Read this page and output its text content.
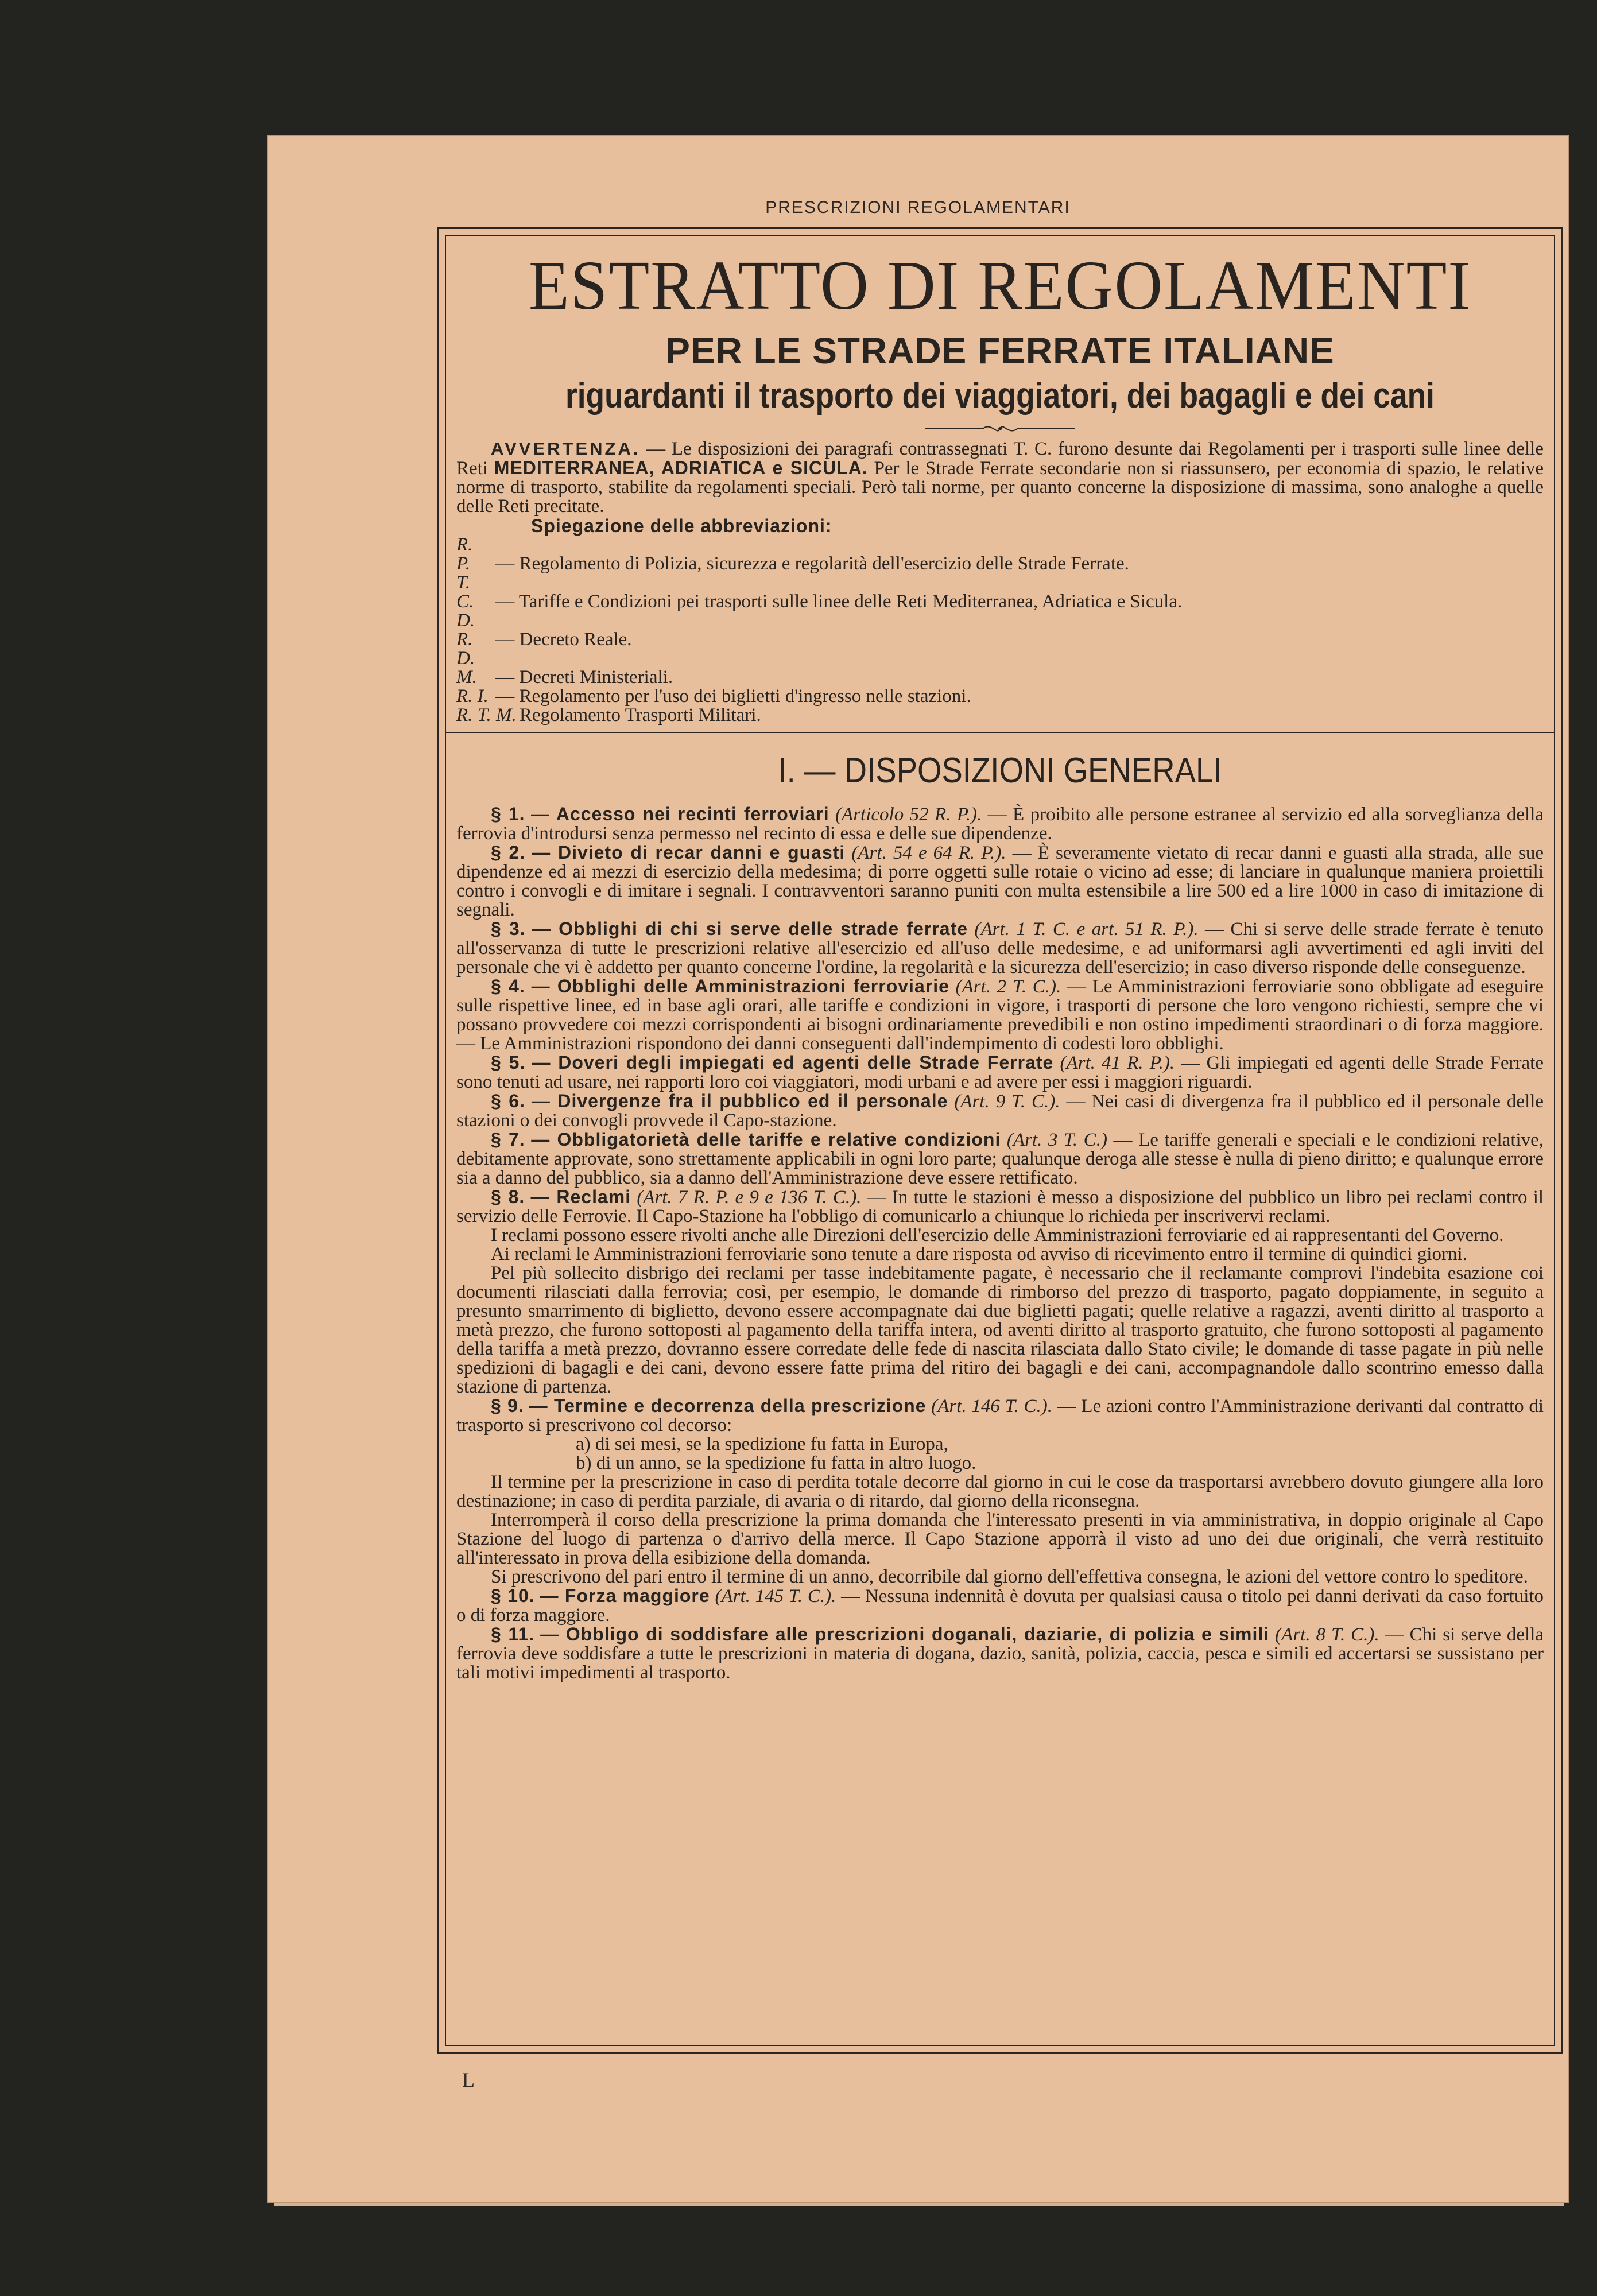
PRESCRIZIONI REGOLAMENTARI
ESTRATTO DI REGOLAMENTI
PER LE STRADE FERRATE ITALIANE
riguardanti il trasporto dei viaggiatori, dei bagagli e dei cani

AVVERTENZA. — Le disposizioni dei paragrafi contrassegnati T. C. furono desunte dai Regolamenti per i trasporti sulle linee delle Reti MEDITERRANEA, ADRIATICA e SICULA. Per le Strade Ferrate secondarie non si riassunsero, per economia di spazio, le relative norme di trasporto, stabilite da regolamenti speciali. Però tali norme, per quanto concerne la disposizione di massima, sono analoghe a quelle delle Reti precitate.

Spiegazione delle abbreviazioni:
R. P. — Regolamento di Polizia, sicurezza e regolarità dell'esercizio delle Strade Ferrate.
T. C. — Tariffe e Condizioni pei trasporti sulle linee delle Reti Mediterranea, Adriatica e Sicula.
D. R. — Decreto Reale.
D. M. — Decreti Ministeriali.
R. I. — Regolamento per l'uso dei biglietti d'ingresso nelle stazioni.
R. T. M. Regolamento Trasporti Militari.
I. — DISPOSIZIONI GENERALI

§ 1. — Accesso nei recinti ferroviari (Articolo 52 R. P.). — È proibito alle persone estranee al servizio ed alla sorveglianza della ferrovia d'introdursi senza permesso nel recinto di essa e delle sue dipendenze.

§ 2. — Divieto di recar danni e guasti (Art. 54 e 64 R. P.). — È severamente vietato di recar danni e guasti alla strada, alle sue dipendenze ed ai mezzi di esercizio della medesima; di porre oggetti sulle rotaie o vicino ad esse; di lanciare in qualunque maniera proiettili contro i convogli e di imitare i segnali. I contravventori saranno puniti con multa estensibile a lire 500 ed a lire 1000 in caso di imitazione di segnali.

§ 3. — Obblighi di chi si serve delle strade ferrate (Art. 1 T. C. e art. 51 R. P.). — Chi si serve delle strade ferrate è tenuto all'osservanza di tutte le prescrizioni relative all'esercizio ed all'uso delle medesime, e ad uniformarsi agli avvertimenti ed agli inviti del personale che vi è addetto per quanto concerne l'ordine, la regolarità e la sicurezza dell'esercizio; in caso diverso risponde delle conseguenze.

§ 4. — Obblighi delle Amministrazioni ferroviarie (Art. 2 T. C.). — Le Amministrazioni ferroviarie sono obbligate ad eseguire sulle rispettive linee, ed in base agli orari, alle tariffe e condizioni in vigore, i trasporti di persone che loro vengono richiesti, sempre che vi possano provvedere coi mezzi corrispondenti ai bisogni ordinariamente prevedibili e non ostino impedimenti straordinari o di forza maggiore. — Le Amministrazioni rispondono dei danni conseguenti dall'indempimento di codesti loro obblighi.

§ 5. — Doveri degli impiegati ed agenti delle Strade Ferrate (Art. 41 R. P.). — Gli impiegati ed agenti delle Strade Ferrate sono tenuti ad usare, nei rapporti loro coi viaggiatori, modi urbani e ad avere per essi i maggiori riguardi.

§ 6. — Divergenze fra il pubblico ed il personale (Art. 9 T. C.). — Nei casi di divergenza fra il pubblico ed il personale delle stazioni o dei convogli provvede il Capo-stazione.

§ 7. — Obbligatorietà delle tariffe e relative condizioni (Art. 3 T. C.) — Le tariffe generali e speciali e le condizioni relative, debitamente approvate, sono strettamente applicabili in ogni loro parte; qualunque deroga alle stesse è nulla di pieno diritto; e qualunque errore sia a danno del pubblico, sia a danno dell'Amministrazione deve essere rettificato.

§ 8. — Reclami (Art. 7 R. P. e 9 e 136 T. C.). — In tutte le stazioni è messo a disposizione del pubblico un libro pei reclami contro il servizio delle Ferrovie. Il Capo-Stazione ha l'obbligo di comunicarlo a chiunque lo richieda per inscrivervi reclami.

I reclami possono essere rivolti anche alle Direzioni dell'esercizio delle Amministrazioni ferroviarie ed ai rappresentanti del Governo.

Ai reclami le Amministrazioni ferroviarie sono tenute a dare risposta od avviso di ricevimento entro il termine di quindici giorni.

Pel più sollecito disbrigo dei reclami per tasse indebitamente pagate, è necessario che il reclamante comprovi l'indebita esazione coi documenti rilasciati dalla ferrovia; così, per esempio, le domande di rimborso del prezzo di trasporto, pagato doppiamente, in seguito a presunto smarrimento di biglietto, devono essere accompagnate dai due biglietti pagati; quelle relative a ragazzi, aventi diritto al trasporto a metà prezzo, che furono sottoposti al pagamento della tariffa intera, od aventi diritto al trasporto gratuito, che furono sottoposti al pagamento della tariffa a metà prezzo, dovranno essere corredate delle fede di nascita rilasciata dallo Stato civile; le domande di tasse pagate in più nelle spedizioni di bagagli e dei cani, devono essere fatte prima del ritiro dei bagagli e dei cani, accompagnandole dallo scontrino emesso dalla stazione di partenza.

§ 9. — Termine e decorrenza della prescrizione (Art. 146 T. C.). — Le azioni contro l'Amministrazione derivanti dal contratto di trasporto si prescrivono col decorso:

a) di sei mesi, se la spedizione fu fatta in Europa,
b) di un anno, se la spedizione fu fatta in altro luogo.

Il termine per la prescrizione in caso di perdita totale decorre dal giorno in cui le cose da trasportarsi avrebbero dovuto giungere alla loro destinazione; in caso di perdita parziale, di avaria o di ritardo, dal giorno della riconsegna.

Interromperà il corso della prescrizione la prima domanda che l'interessato presenti in via amministrativa, in doppio originale al Capo Stazione del luogo di partenza o d'arrivo della merce. Il Capo Stazione apporrà il visto ad uno dei due originali, che verrà restituito all'interessato in prova della esibizione della domanda.

Si prescrivono del pari entro il termine di un anno, decorribile dal giorno dell'effettiva consegna, le azioni del vettore contro lo speditore.

§ 10. — Forza maggiore (Art. 145 T. C.). — Nessuna indennità è dovuta per qualsiasi causa o titolo pei danni derivati da caso fortuito o di forza maggiore.

§ 11. — Obbligo di soddisfare alle prescrizioni doganali, daziarie, di polizia e simili (Art. 8 T. C.). — Chi si serve della ferrovia deve soddisfare a tutte le prescrizioni in materia di dogana, dazio, sanità, polizia, caccia, pesca e simili ed accertarsi se sussistano per tali motivi impedimenti al trasporto.

L
